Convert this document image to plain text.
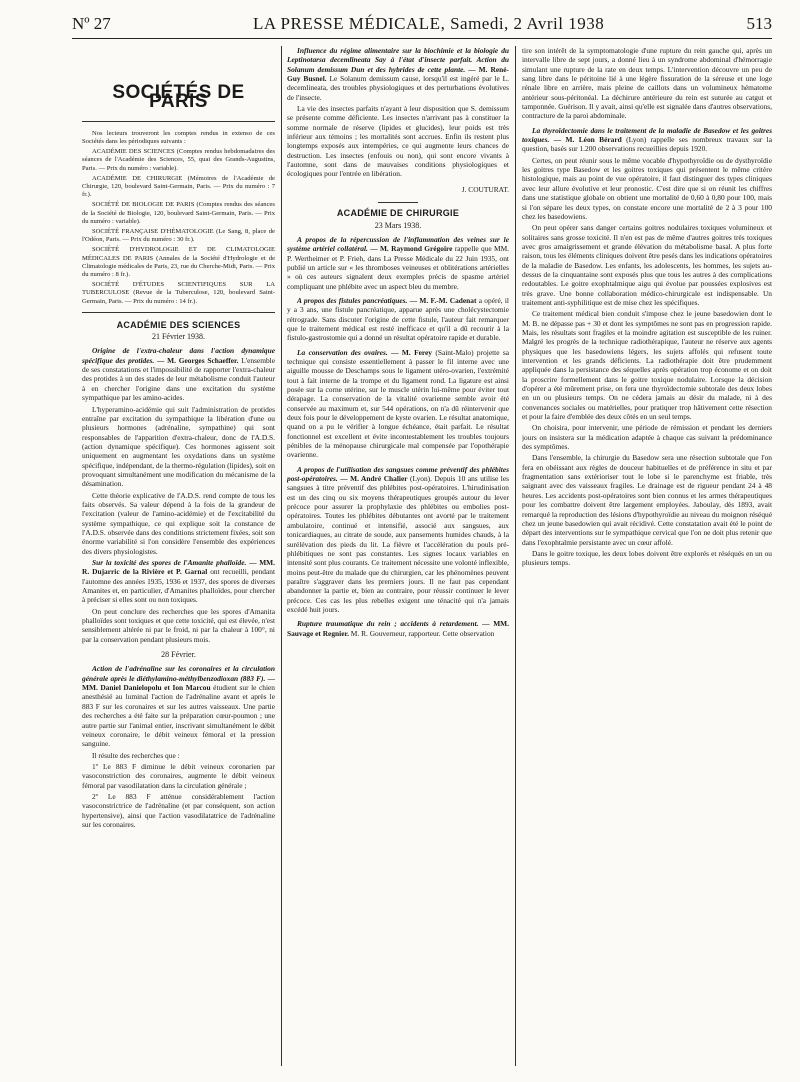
Nº 27	LA PRESSE MÉDICALE, Samedi, 2 Avril 1938	513
SOCIÉTÉS DE PARIS

Nos lecteurs trouveront les comptes rendus in extenso de ces Sociétés dans les périodiques suivants :

ACADÉMIE DES SCIENCES (Comptes rendus hebdomadaires des séances de l'Académie des Sciences, 55, quai des Grands-Augustins, Paris. — Prix du numéro : variable).

ACADÉMIE DE CHIRURGIE (Mémoires de l'Académie de Chirurgie, 120, boulevard Saint-Germain, Paris. — Prix du numéro : 7 fr.).

SOCIÉTÉ DE BIOLOGIE DE PARIS (Comptes rendus des séances de la Société de Biologie, 120, boulevard Saint-Germain, Paris. — Prix du numéro : variable).

SOCIÉTÉ FRANÇAISE D'HÉMATOLOGIE (Le Sang, 8, place de l'Odéon, Paris. — Prix du numéro : 30 fr.).

SOCIÉTÉ D'HYDROLOGIE ET DE CLIMATOLOGIE MÉDICALES DE PARIS (Annales de la Société d'Hydrologie et de Climatologie médicales de Paris, 23, rue du Cherche-Midi, Paris. — Prix du numéro : 8 fr.).

SOCIÉTÉ D'ÉTUDES SCIENTIFIQUES SUR LA TUBERCULOSE (Revue de la Tuberculose, 120, boulevard Saint-Germain, Paris. — Prix du numéro : 14 fr.).

ACADÉMIE DES SCIENCES
21 Février 1938.

Origine de l'extra-chaleur dans l'action dynamique spécifique des protides. — M. Georges Schaeffer. L'ensemble de ses constatations et l'impossibilité de rapporter l'extra-chaleur des protides à un des stades de leur métabolisme conduit l'auteur à en chercher l'origine dans une excitation du système sympathique par les amino-acides.

L'hyperamino-acidémie qui suit l'administration de protides entraîne par excitation du sympathique la libération d'une ou plusieurs hormones (adrénaline, sympathine) qui sont responsables de l'apparition d'extra-chaleur, donc de l'A.D.S. (action dynamique spécifique). Ces hormones agissent soit uniquement en augmentant les oxydations dans un système spécifique, indépendant, de la thermo-régulation (lipides), soit en provoquant simultanément une modification du mécanisme de la désamination.

Cette théorie explicative de l'A.D.S. rend compte de tous les faits observés. Sa valeur dépend à la fois de la grandeur de l'excitation (valeur de l'amino-acidémie) et de l'excitabilité du système sympathique, ce qui explique soit la constance de l'A.D.S. observée dans des conditions strictement fixées, soit son énorme variabilité si l'on considère l'ensemble des expériences des divers physiologistes.

Sur la toxicité des spores de l'Amanite phalloïde. — MM. R. Dujarric de la Rivière et P. Garnal ont recueilli, pendant l'automne des années 1935, 1936 et 1937, des spores de diverses Amanites et, en particulier, d'Amanites phalloïdes, pour chercher à préciser si elles sont ou non toxiques.

On peut conclure des recherches que les spores d'Amanita phalloïdes sont toxiques et que cette toxicité, qui est élevée, n'est sensiblement altérée ni par le froid, ni par la chaleur à 100°, ni par la conservation pendant plusieurs mois.

28 Février.

Action de l'adrénaline sur les coronaires et la circulation générale après le diéthylamino-méthylbenzodioxan (883 F). — MM. Daniel Danielopolu et Ion Marcou étudient sur le chien anesthésié au luminal l'action de l'adrénaline avant et après le 883 F sur les coronaires et sur les autres vaisseaux. Une partie des recherches a été faite sur la préparation cœur-poumon ; une autre partie sur l'animal entier, inscrivant simultanément le débit veineux coronaire, le débit veineux fémoral et la pression sanguine.

Il résulte des recherches que :

1º Le 883 F diminue le débit veineux coronarien par vasoconstriction des coronaires, augmente le débit veineux fémoral par vasodilatation dans la circulation générale ;

2º Le 883 F atténue considérablement l'action vasoconstrictrice de l'adrénaline (et par conséquent, son action hypertensive), ainsi que l'action vasodilatatrice de l'adrénaline sur les coronaires.

Influence du régime alimentaire sur la biochimie et la biologie du Leptinotarsa decemlineata Say à l'état d'insecte parfait. Action du Solanum demissum Dun et des hybrides de cette plante. — M. René-Guy Busnel. Le Solanum demissum cause, lorsqu'il est ingéré par le L. decemlineata, des troubles physiologiques et des perturbations évolutives de l'insecte.

La vie des insectes parfaits n'ayant à leur disposition que S. demissum se présente comme déficiente. Les insectes n'arrivant pas à constituer la somme normale de réserve (lipides et glucides), leur poids est très inférieur aux témoins ; les mortalités sont accrues. Enfin ils restent plus longtemps exposés aux intempéries, ce qui augmente leurs chances de destruction. Les insectes (enfouis ou non), qui sont encore vivants à l'automne, sont dans de mauvaises conditions physiologiques et écologiques pour l'entrée en libération.

J. COUTURAT.
ACADÉMIE DE CHIRURGIE
23 Mars 1938.

A propos de la répercussion de l'inflammation des veines sur le système artériel collatéral. — M. Raymond Grégoire rappelle que MM. P. Wertheimer et P. Frieh, dans La Presse Médicale du 22 Juin 1935, ont publié un article sur « les thromboses veineuses et oblitérations artérielles » où ces auteurs signalent deux exemples précis de spasme artériel compliquant une phlébite avec un aspect bleu du membre.

A propos des fistules pancréatiques. — M. F.-M. Cadenat a opéré, il y a 3 ans, une fistule pancréatique, apparue après une cholécystectomie rétrograde. Sans discuter l'origine de cette fistule, l'auteur fait remarquer que le traitement médical est resté inefficace et qu'il a dû recourir à la fistulo-gastrostomie qui a donné un résultat opératoire rapide et durable.

La conservation des ovaires. — M. Ferey (Saint-Malo) projette sa technique qui consiste essentiellement à passer le fil interne avec une aiguille mousse de Deschamps sous le ligament utéro-ovarien, l'extrémité tout à fait interne de la trompe et du ligament rond. La ligature est ainsi posée sur la corne utérine, sur le muscle utérin lui-même pour éviter tout dérapage. La conservation de la vitalité ovarienne semble avoir été conservée au maximum et, sur 544 opérations, on n'a dû réintervenir que deux fois pour le développement de kyste ovarien. Le résultat anatomique, quand on a pu le vérifier à longue échéance, était parfait. Le résultat fonctionnel est excellent et évite incontestablement les troubles toujours pénibles de la ménopause chirurgicale mal compensée par l'opothérapie ovarienne.

A propos de l'utilisation des sangsues comme préventif des phlébites post-opératoires. — M. André Chalier (Lyon). Depuis 10 ans utilise les sangsues à titre préventif des phlébites post-opératoires. L'hirudinisation est un des cinq ou six moyens thérapeutiques groupés autour du lever précoce pour assurer la prophylaxie des phlébites ou embolies post-opératoires. Toutes les phlébites débutantes ont avorté par le traitement ambulatoire, continué et intensifié, associé aux sangsues, aux tonicardiaques, au citrate de soude, aux pansements humides chauds, à la surélévation des pieds du lit. La fièvre et l'accélération du pouls pré-phlébitiques ne sont pas constantes. Les signes locaux variables en intensité sont plus courants. Ce traitement nécessite une volonté inflexible, moins peut-être du malade que du chirurgien, car les phénomènes peuvent paraître s'aggraver dans les premiers jours. Il ne faut pas cependant abandonner la partie et, bien au contraire, pour réussir continuer le lever précoce. Ces cas les plus rebelles exigent une ténacité qui n'a jamais excédé huit jours.

Rupture traumatique du rein ; accidents à retardement. — MM. Sauvage et Regnier. M. R. Gouverneur, rapporteur. Cette observation

tire son intérêt de la symptomatologie d'une rupture du rein gauche qui, après un intervalle libre de sept jours, a donné lieu à un syndrome abdominal d'hémorragie simulant une rupture de la rate en deux temps. L'intervention découvre un peu de sang libre dans le péritoine lié à une légère fissuration de la séreuse et une loge rénale libre en arrière, mais pleine de caillots dans un volumineux hématome antérieur sous-péritonéal. La déchirure antérieure du rein est suturée au catgut et tamponnée. Guérison. Il y avait, ainsi qu'elle est signalée dans d'autres observations, contracture de la paroi abdominale.

La thyroïdectomie dans le traitement de la maladie de Basedow et les goitres toxiques. — M. Léon Bérard (Lyon) rappelle ses nombreux travaux sur la question, basés sur 1.200 observations recueillies depuis 1920.

Certes, on peut réunir sous le même vocable d'hypothyroïdie ou de dysthyroïdie les goitres type Basedow et les goitres toxiques qui présentent le même critère histologique, mais au point de vue opératoire, il faut distinguer des types cliniques avec leur allure évolutive et leur pronostic. C'est dire que si on réunit les chiffres dans une statistique globale on obtient une mortalité de 0,60 à 0,80 pour 100, mais si l'on sépare les deux types, on constate encore une mortalité de 2 à 3 pour 100 chez les basedowiens.

On peut opérer sans danger certains goitres nodulaires toxiques volumineux et solitaires sans grosse toxicité. Il n'en est pas de même d'autres goitres très toxiques avec gros amaigrissement et grande élévation du métabolisme basal. A plus forte raison, tous les éléments cliniques doivent être pesés dans les indications opératoires de la maladie de Basedow. Les enfants, les adolescents, les hommes, les sujets au-dessus de la cinquantaine sont exposés plus que tous les autres à des complications redoutables. Le goitre exophtalmique aigu qui évolue par poussées explosives est très grave. Une bonne collaboration médico-chirurgicale est indispensable. Un traitement anti-syphilitique est de mise chez les spécifiques.

Ce traitement médical bien conduit s'impose chez le jeune basedowien dont le M. B. ne dépasse pas + 30 et dont les symptômes ne sont pas en progression rapide. Mais, les résultats sont fragiles et la moindre agitation est susceptible de les ruiner. Malgré les progrès de la technique radiothérapique, l'auteur ne réserve aux agents physiques que les basedowiens légers, les sujets affolés qui refusent toute intervention et les grands déficients. La radiothérapie doit être prudemment appliquée dans la persistance des séquelles après opération trop économe et on doit la proscrire formellement dans le goitre toxique nodulaire. Lorsque la décision d'opérer a été mûrement prise, on fera une thyroïdectomie subtotale des deux lobes en un ou plusieurs temps. On ne cédera jamais au désir du malade, ni à des convenances sociales ou matérielles, pour pratiquer trop hâtivement cette résection et pour la faire d'emblée des deux côtés en un seul temps.

On choisira, pour intervenir, une période de rémission et pendant les derniers jours on insistera sur la médication adaptée à chaque cas suivant la prédominance des symptômes.

Dans l'ensemble, la chirurgie du Basedow sera une résection subtotale que l'on fera en obéissant aux règles de douceur habituelles et de préférence in situ et par fragmentation sans extérioriser tout le lobe si le parenchyme est friable, très saignant avec des vaisseaux fragiles. Le drainage est de rigueur pendant 24 à 48 heures. Les accidents post-opératoires sont bien connus et les armes thérapeutiques pour les combattre doivent être largement employées. Jaboulay, dès 1893, avait remarqué la reproduction des lésions d'hypothyroïdie au niveau du moignon réséqué chez un jeune basedowien qui avait récidivé. Cette constatation avait été le point de départ des interventions sur le sympathique cervical que l'on ne doit plus retenir que dans l'exophtalmie persistante avec un cœur affolé.

Dans le goitre toxique, les deux lobes doivent être explorés et réséqués en un ou plusieurs temps.
